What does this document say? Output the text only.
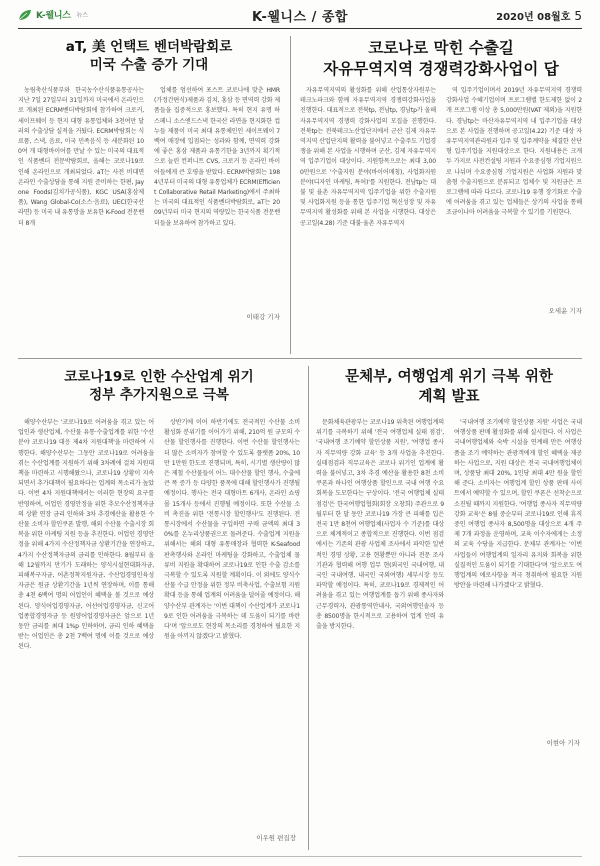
K-웰니스 뉴스	K-웰니스 / 종합	2020년 08월호 5
aT, 美 언택트 벤더박람회로
미국 수출 증가 기대

농림축산식품부와 한국농수산식품유통공사는 지난 7일 27일부터 31일까지 미국에서 온라인으로 개최된 ECRM벤더박람회에 참가하여 크로커, 세이프웨이 등 현지 대형 유통업체와 3천여만 달러의 수출상담 실적을 거뒀다. ECRM박람회는 식료품, 스낵, 음료, 이국 민족음식 등 세분화된 100여 개 대형바이어를 만날 수 있는 미국의 대표적인 식품벤더 전문박람회로, 올해는 코로나19로 인해 온라인으로 개최되었다. aT는 사전 비대면 온라인 수출상담을 통해 지원 준비하는 한편, Jayone Foods(김치가공식품), KGC USA(홍삼제품), Wang Global-Co(소스·음료), UEC(한국산 라면) 등 미국 내 유통망을 보유한 K-Food 전문벤더 8개

업체를 엄선하여 포스트 코로나에 맞춘 HMR(가정간편식)제품과 김치, 홍삼 등 면역력 강화 제품들을 집중적으로 홍보했다. 특히 현지 유명 하스페니 소스앤드스낵 한국산 라면을 현지화한 컵누들 제품이 미국 최대 유통체인인 세이프웨이 7백여 매장에 입점되는 성과와 함께, 면역력 강화에 좋은 홍삼 제품과 유통기한을 3년까지 획기적으로 늘린 컨퍼니트 CVS, 크로거 등 온라인 바이어들에게 큰 호평을 받았다. ECRM박람회는 1984년부터 미국의 대형 유통업체가 ECRM(Efficient Collaborative Retail Marketing)에서 주최하는 미국의 대표적인 식품벤더박람회로, aT는 2009년부터 미국 현지의 역량있는 한국식품 전문벤더들을 보유하여 참가하고 있다.

이태강 기자
코로나로 막힌 수출길
자유무역지역 경쟁력강화사업이 답

자유무역지역의 활성화를 위해 산업통상자원부는 테크노파크와 함께 자유무역지역 경쟁력강화사업을 진행한다. 대표적으로 전북tp, 전남tp, 경남tp가 올해 자유무역지역 경쟁력 강화사업의 모집을 진행한다. 전북tp는 전북테크노산업단지에서 군산 김제 자유무역지역 산업단지의 활력을 불어넣고 수출주도 기업경쟁을 위해 본 사업을 시행하며 군산, 김제 자유무역지역 입주기업이 대상이다. 지원항목으로는 최대 3,000만원으로 '수출지원 분야(바이어매칭), 사업화지원 분야(디자인 마케팅, 특허)'를 지원한다. 전남tp는 대불 및 율촌 자유무역지역 입주기업을 위한 수출지원 및 사업화지원 등을 통한 입주기업 혁신성장 및 자유무역지역 활성화를 위해 본 사업을 시행한다. 대상은 공고일(4.28) 기준 대불·율촌 자유무역지

역 입주기업이며서 2019년 자유무역지역 경쟁력 강화사업 수혜기업이며 프로그램별 한도제한 없이 2개 프로그램 이상 총 5,000만원(VAT 제외)을 지원한다. 경남tp는 마산자유무역지역 내 입주기업을 대상으로 본 사업을 진행하며 공고일(4.22) 기준 대상 자유무역지역관리원과 입주 및 입주계약을 체결한 산단형 입주기업을 지원대상으로 한다. 지원내용은 크게 두 가지로 사전컨설팅 지원과 수요중심형 기업지원으로 나뉘며 수요중심형 기업지원은 사업화 지원과 맞춤형 수출지원으로 분류되고 업체수 및 지원금은 프로그램에 따라 다르다. 코로나19 유행 장기화로 수출에 어려움을 겪고 있는 업체들은 상기의 사업을 통해 조금이나마 어려움을 극복할 수 있기를 기원한다.

오세윤 기자
코로나19로 인한 수산업계 위기
정부 추가지원으로 극복

해양수산부는 '코로나19로 어려움을 겪고 있는 어업인과 생산업체, 수산물 유통·수출업계를 위한 '수산분야 코로나19 대응 제4차 지원대책'을 마련하여 시행한다. 해양수산부는 그동안 코로나19로 어려움을 겪는 수산업계를 지원하기 위해 3차례에 걸쳐 지원대책을 마련하고 시행해왔으나, 코로나19 상황이 지속되면서 추가대책이 필요하다는 업계의 목소리가 높았다. 이번 4차 지원대책에서는 이러한 현장의 요구를 반영하여, 어업인 경영안정을 위한 추모수산정책자금의 상환 연장 금리 인하와 3차 추경예산을 활용한 수산물 소비자 할인쿠폰 발행, 해외 수산물 수출시장 회복을 위한 마케팅 지원 등을 추진한다. 어업인 경영안정을 위해 4가지 수산정책자금 상환기간을 연장하고, 4가지 수산정책자금의 금리를 인하한다. 8월부터 올해 12월까지 만기가 도래하는 양식시설현대화자금, 피해복구자금, 어촌정착지원자금, 수산업경영인육성자금은 원금 상환기간을 1년씩 연장하며, 이를 통해 총 4천 6백여 명의 어업인이 혜택을 볼 것으로 예상된다. 양식어업경영자금, 어선어업경영자금, 신고어업종합경영자금 등 원양어업경영자금은 앞으로 1년 동안 금리를 최대 1%p 인하하며, 금리 인하 혜택을 받는 어업인은 총 2천 7백여 명에 이를 것으로 예상된다.

상반기에 이어 하반기에도 전국적인 수산물 소비 활성화 분위기를 이어가기 위해, 210억 원 규모의 수산물 할인행사를 진행한다. 이번 수산물 할인행사는 더 많은 소비자가 참여할 수 있도록 플랫폼 20%, 10만 1만원 한도로 진행되며, 특히, 시기별 생산량이 많은 제철 수산물들이 어느 대수산물 할인 행사, 수출에 큰 폭 증가 등 다양한 품목에 대해 할인행사가 진행될 예정이다. 행사는 전국 대형마트 6개사, 온라인 쇼핑몰 15개사 등에서 진행될 예정이다. 또한 수산물 소비 촉진을 위한 '전통시장 할인행사'도 진행된다. 전통시장에서 수산물을 구입하면 구매 금액의 최대 30%를 온누리상품권으로 돌려준다. 수출업계 지원을 위해서는 해외 대형 유통매장과 협력한 K-Seafood 판촉행사와 온라인 마케팅을 강화하고, 수출업체 물류비 지원을 확대하여 코로나19로 인한 수출 감소를 극복할 수 있도록 지원할 계획이다. 이 외에도 양식수산물 수급 안정을 위한 정부 비축사업, 수출보험 지원 확대 등을 통해 업계의 어려움을 덜어줄 예정이다. 해양수산부 관계자는 '이번 대책이 수산업계가 코로나19로 인한 어려움을 극복하는 데 도움이 되기를 바란다'며 '앞으로도 현장의 목소리를 경청하여 필요한 지원을 아끼지 않겠다'고 밝혔다.

이우원 편집장
문체부, 여행업계 위기 극복 위한
계획 발표

문화체육관광부는 코로나19 위축된 여행업계의 위기를 극복하기 위해 '전국 여행업체 실태 점검', '국내여행 조기예약 할인상품 지원', '여행업 종사자 직무역량 강화 교육' 등 3개 사업을 추진한다. 실태점검과 직무교육은 코로나 위기인 업계에 활력을 불어넣고, 3차 추경 예산을 활용한 8천 소비쿠폰과 하나인 여행상품 할인으로 국내 여행 수요 회복을 도모한다는 구상이다. '전국 여행업체 실태 점검'은 한국여행업협회(회장 오창희) 주관으로 9월부터 한 달 동안 코로나19 가장 큰 피해를 입은 전국 1만 8천여 여행업체(사업자 수 기준)를 대상으로 체계적이고 종합적으로 진행한다. 이번 점검에서는 기존의 관광 사업체 조사에서 파악한 일반적인 경영 상황, 고용 현황뿐만 아니라 전문 조사기관과 협력해 여행 업무 현(외국인 국내여행, 내국인 국내여행, 내국인 국외여행) 세부시장 등도 파악할 예정이다. 특히, 코로나19로 경제적인 어려움을 겪고 있는 여행업계를 돕기 위해 종사자와 근무경력자, 관광통역안내사, 국외여행인솔자 등 총 8500명을 한시적으로 고용하여 업계 인력 유출을 방지한다.

'국내여행 조기예약 할인상품 지원' 사업은 국내여행상품 판매 활성화를 위해 실시한다. 이 사업은 국내여행업체와 숙박 시설을 연계해 만든 여행상품을 조기 예약하는 관광객에게 할인 혜택을 제공하는 사업으로, 지원 대상은 전국 국내여행업체이며, 상품당 최대 20%, 1인당 최대 4만 원을 할인해 준다. 소비자는 여행업계 할인 상품 판매 사이트에서 예약할 수 있으며, 할인 쿠폰은 선착순으로 소진될 때까지 지원한다. '여행업 종사자 직무역량 강화 교육'은 8월 중순부터 코로나19로 인해 휴직 중인 여행업 종사자 8,500명을 대상으로 4개 주제 7개 과정을 운영하며, 교육 이수자에게는 소정의 교육 수당을 지급한다. 문체부 관계자는 '이번 사업들이 여행업계의 일자리 유지와 회복을 위한 실질적인 도움이 되기를 기대한다'며 '앞으로도 여행업계의 애로사항을 적극 청취하여 필요한 지원 방안을 마련해 나가겠다'고 밝혔다.

이현아 기자
